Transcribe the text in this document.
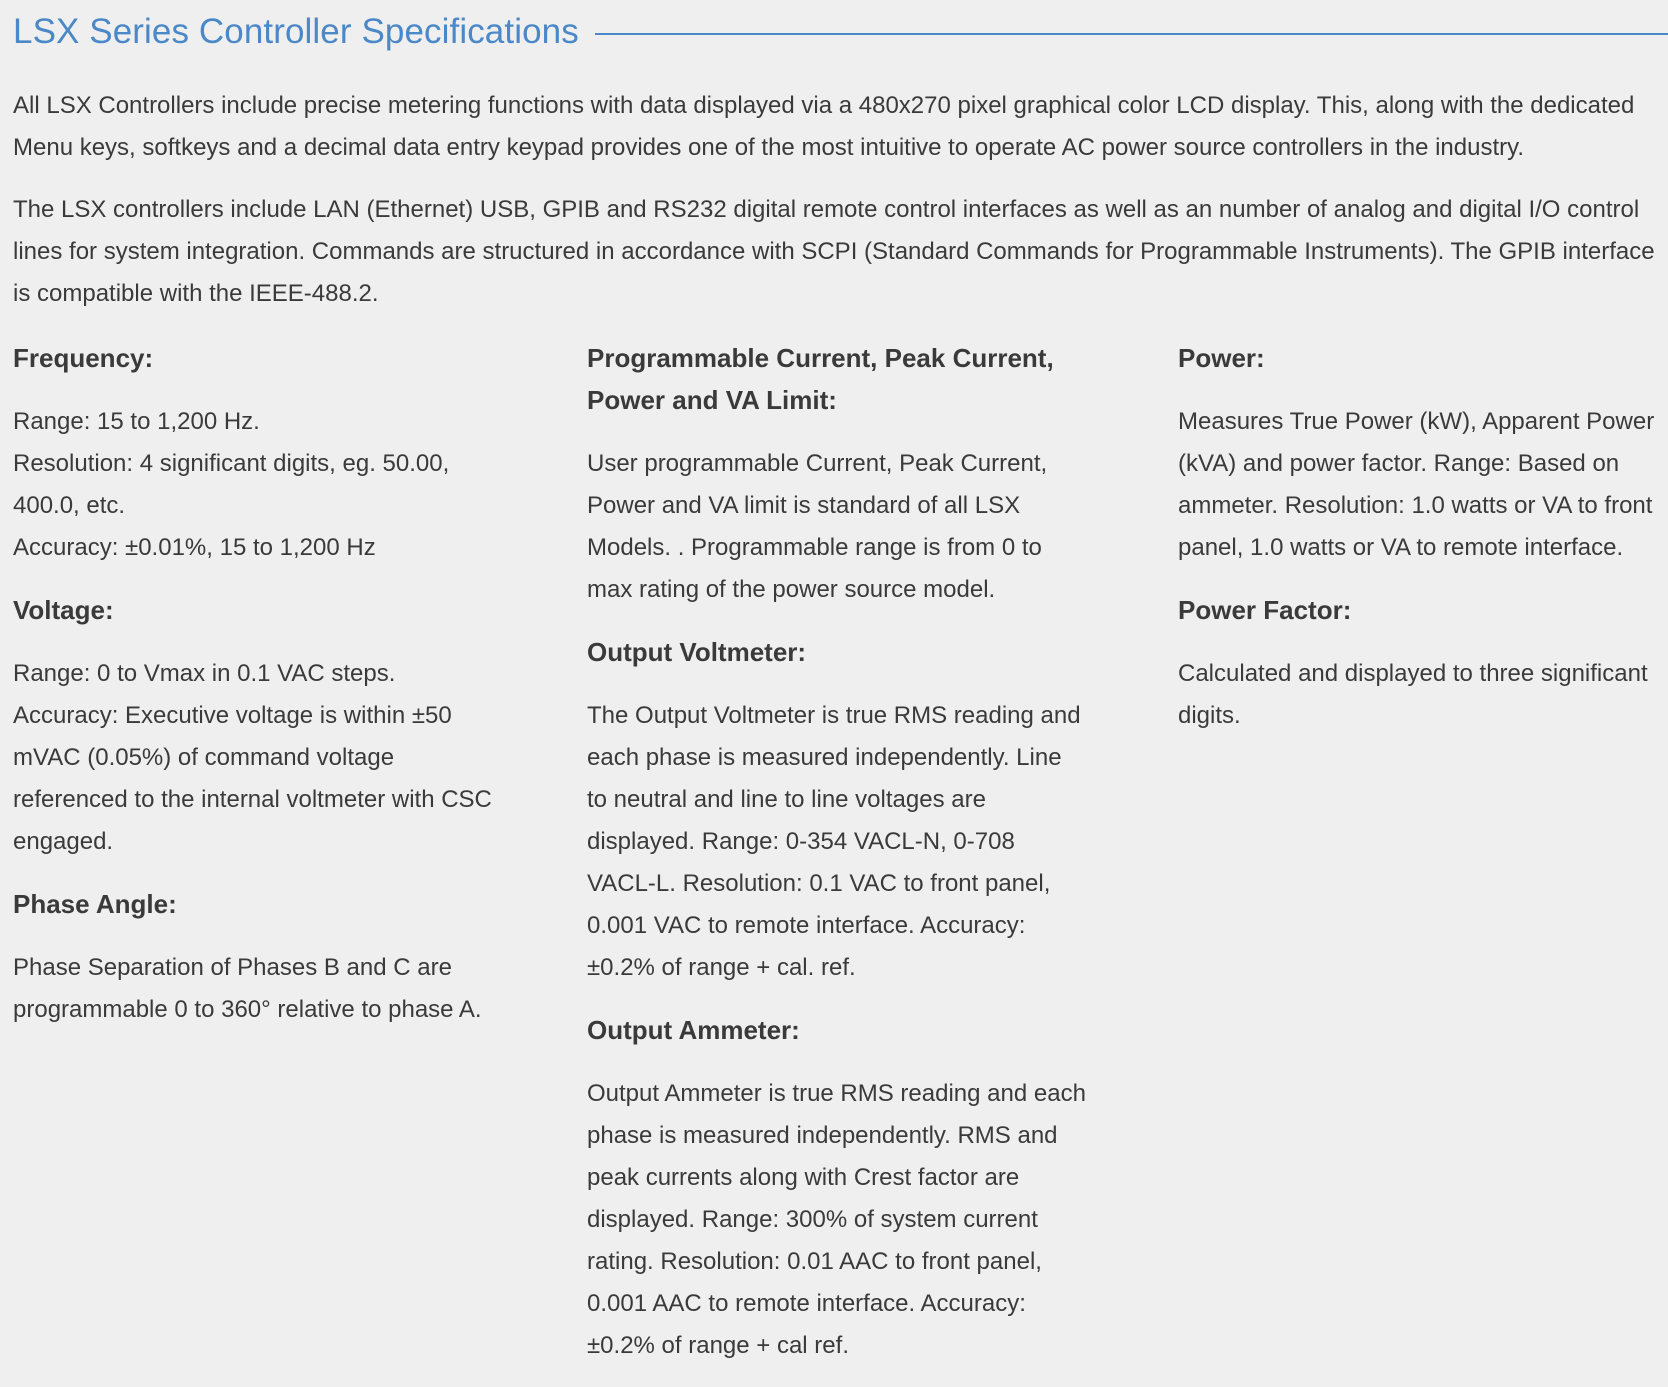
LSX Series Controller Specifications

All LSX Controllers include precise metering functions with data displayed via a 480x270 pixel graphical color LCD display. This, along with the dedicated Menu keys, softkeys and a decimal data entry keypad provides one of the most intuitive to operate AC power source controllers in the industry.

The LSX controllers include LAN (Ethernet) USB, GPIB and RS232 digital remote control interfaces as well as an number of analog and digital I/O control lines for system integration. Commands are structured in accordance with SCPI (Standard Commands for Programmable Instruments). The GPIB interface is compatible with the IEEE-488.2.

Frequency:
Range: 15 to 1,200 Hz.
Resolution: 4 significant digits, eg. 50.00, 400.0, etc.
Accuracy: ±0.01%, 15 to 1,200 Hz
Voltage:
Range: 0 to Vmax in 0.1 VAC steps.
Accuracy: Executive voltage is within ±50 mVAC (0.05%) of command voltage referenced to the internal voltmeter with CSC engaged.
Phase Angle:
Phase Separation of Phases B and C are programmable 0 to 360° relative to phase A.
Programmable Current, Peak Current, Power and VA Limit:
User programmable Current, Peak Current, Power and VA limit is standard of all LSX Models. . Programmable range is from 0 to max rating of the power source model.
Output Voltmeter:
The Output Voltmeter is true RMS reading and each phase is measured independently. Line to neutral and line to line voltages are displayed. Range: 0-354 VACL-N, 0-708 VACL-L. Resolution: 0.1 VAC to front panel, 0.001 VAC to remote interface. Accuracy: ±0.2% of range + cal. ref.
Output Ammeter:
Output Ammeter is true RMS reading and each phase is measured independently. RMS and peak currents along with Crest factor are displayed. Range: 300% of system current rating. Resolution: 0.01 AAC to front panel, 0.001 AAC to remote interface. Accuracy: ±0.2% of range + cal ref.
Power:
Measures True Power (kW), Apparent Power (kVA) and power factor. Range: Based on ammeter. Resolution: 1.0 watts or VA to front panel, 1.0 watts or VA to remote interface.
Power Factor:
Calculated and displayed to three significant digits.
